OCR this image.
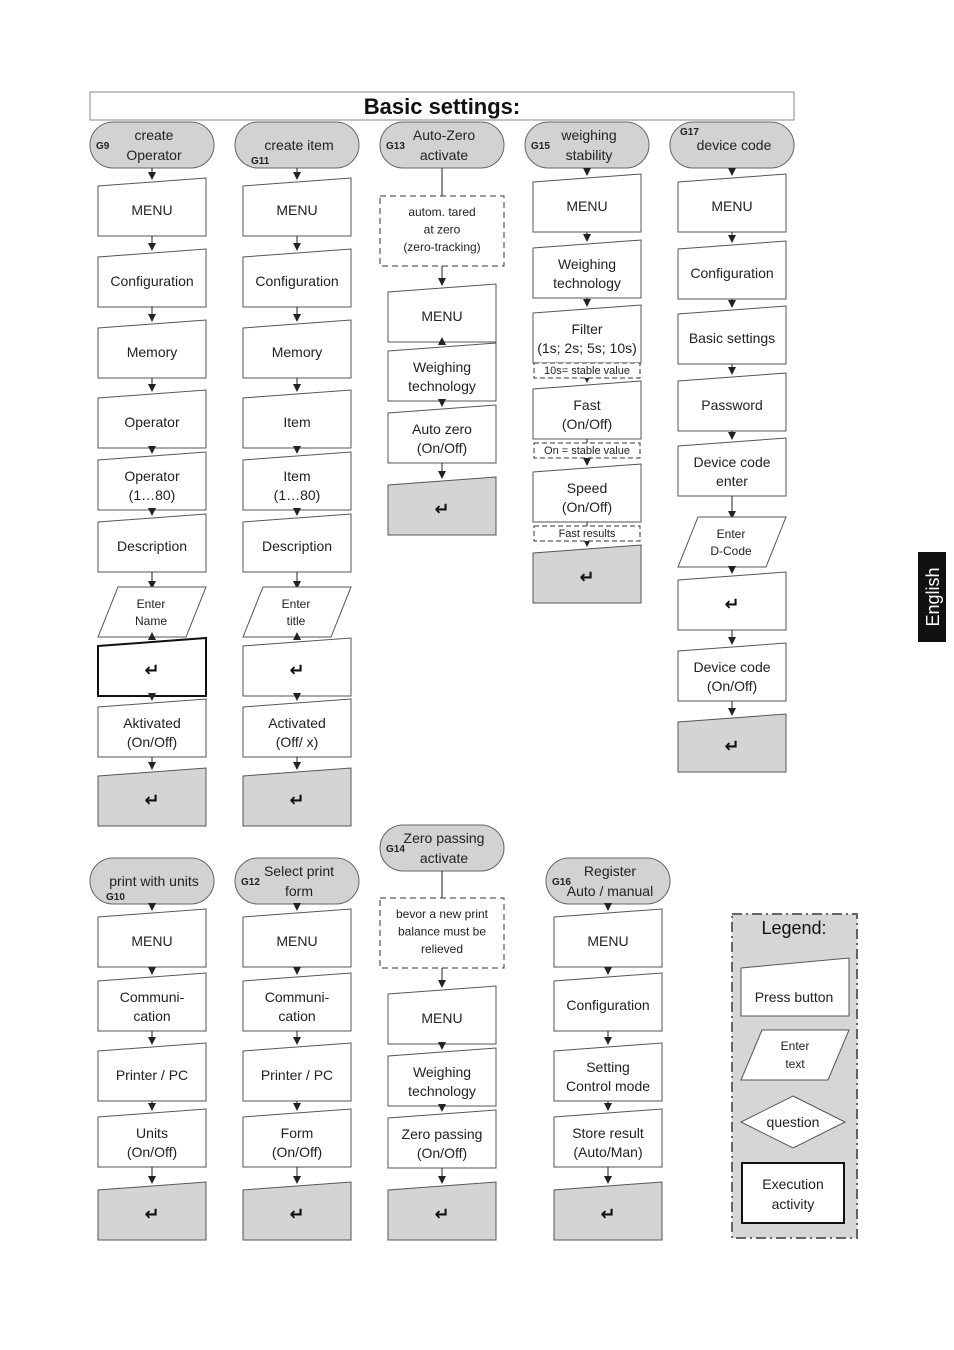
Basic settings:
English
create
Operator
G9
MENU
Configuration
Memory
Operator
Operator
(1…80)
Description
Enter
Name
↵
Aktivated
(On/Off)
↵
create item
G11
MENU
Configuration
Memory
Item
Item
(1…80)
Description
Enter
title
↵
Activated
(Off/ x)
↵
Auto-Zero
activate
G13
autom. tared
at zero
(zero-tracking)
MENU
Weighing
technology
Auto zero
(On/Off)
↵
weighing
stability
G15
MENU
Weighing
technology
Filter
(1s; 2s; 5s; 10s)
Fast
(On/Off)
Speed
(On/Off)
↵
10s= stable value
On = stable value
Fast results
device code
G17
MENU
Configuration
Basic settings
Password
Device code
enter
Enter
D-Code
↵
Device code
(On/Off)
↵
print with units
G10
MENU
Communi-
cation
Printer / PC
Units
(On/Off)
↵
Select print
form
G12
MENU
Communi-
cation
Printer / PC
Form
(On/Off)
↵
Zero passing
activate
G14
bevor a new print
balance must be
relieved
MENU
Weighing
technology
Zero passing
(On/Off)
↵
Register
Auto / manual
G16
MENU
Configuration
Setting
Control mode
Store result
(Auto/Man)
↵
Legend:
Press button
Enter
text
question
Execution
activity
